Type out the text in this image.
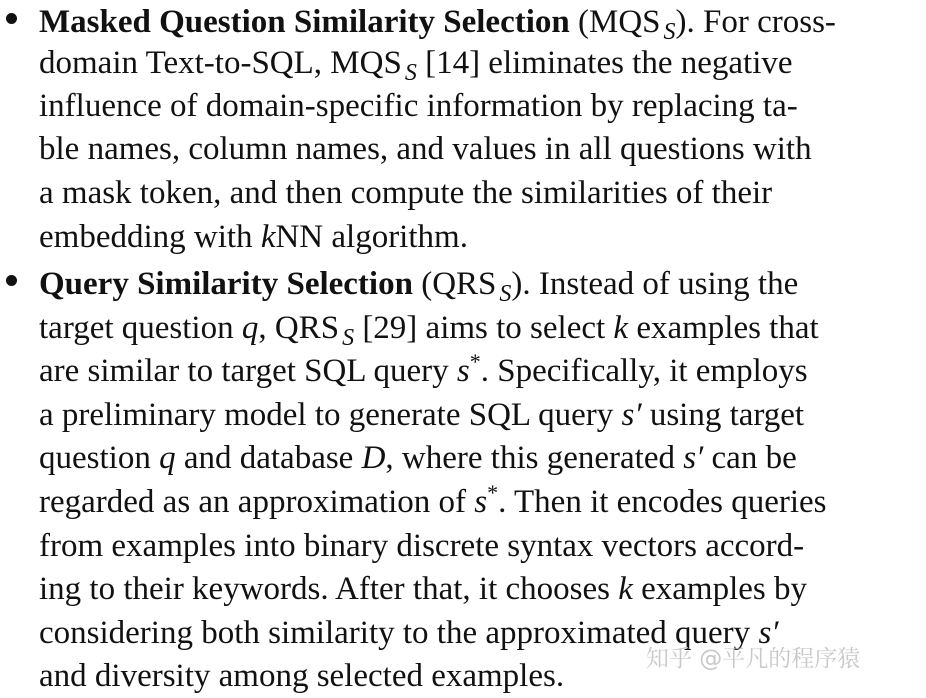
Masked Question Similarity Selection (MQS $_S$). For cross-
domain Text-to-SQL, MQS $_S$ [14] eliminates the negative
influence of domain-specific information by replacing ta-
ble names, column names, and values in all questions with
a mask token, and then compute the similarities of their
embedding with kNN algorithm.
Query Similarity Selection (QRS $_S$). Instead of using the
target question q, QRS $_S$ [29] aims to select k examples that
are similar to target SQL query s*. Specifically, it employs
a preliminary model to generate SQL query s′ using target
question q and database D, where this generated s′ can be
regarded as an approximation of s*. Then it encodes queries
from examples into binary discrete syntax vectors accord-
ing to their keywords. After that, it chooses k examples by
considering both similarity to the approximated query s′
and diversity among selected examples.	知乎 @平凡的程序猿
